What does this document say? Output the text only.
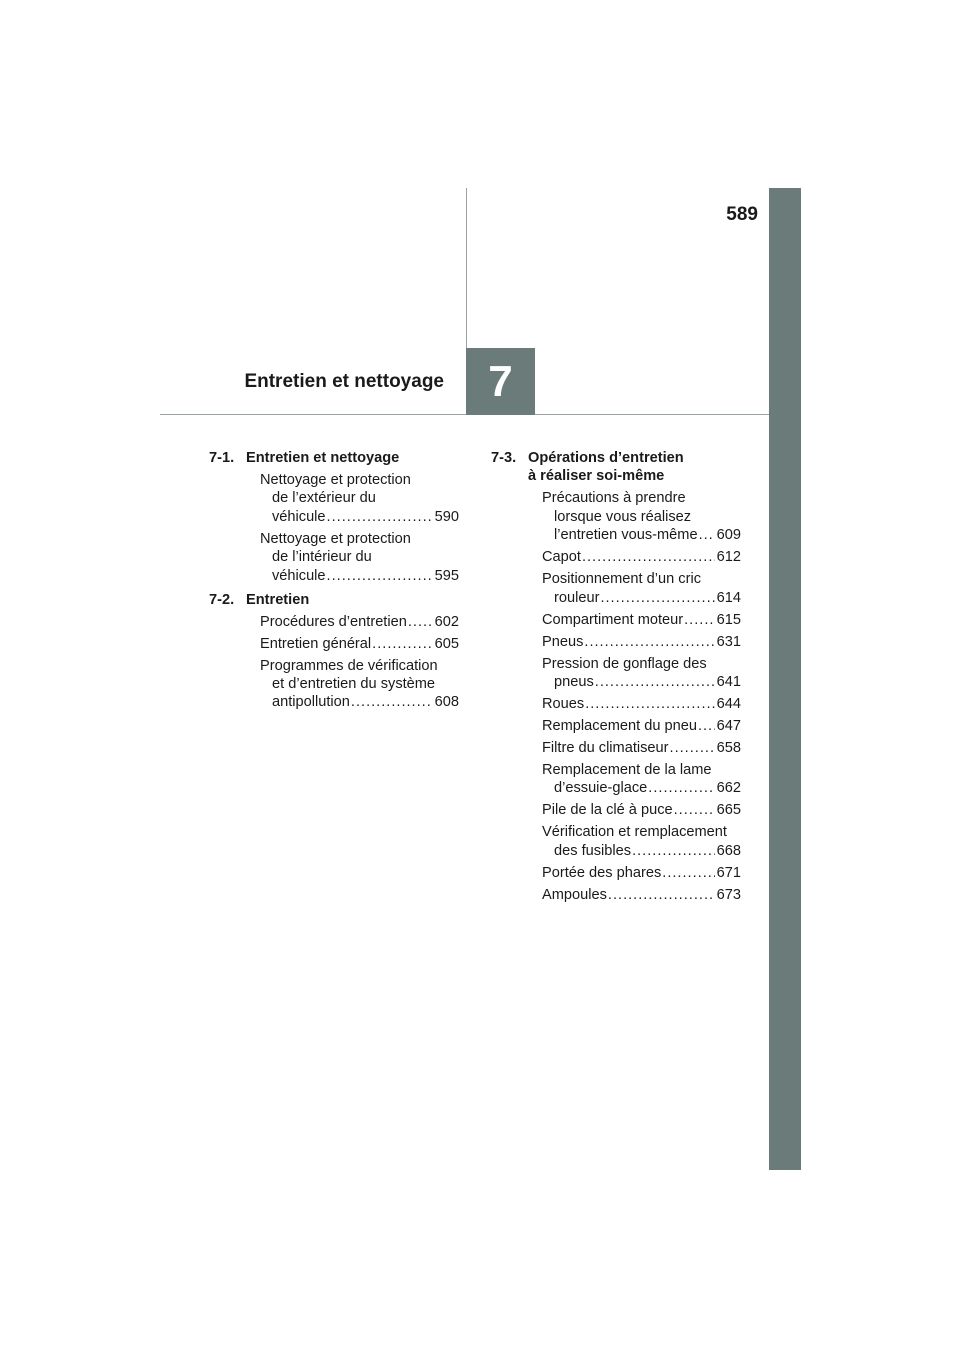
589
Entretien et nettoyage 7
7-1. Entretien et nettoyage
Nettoyage et protection
de l’extérieur du
véhicule .....	590
Nettoyage et protection
de l’intérieur du
véhicule .....	595
7-2. Entretien
Procédures d’entretien ..... 602
Entretien général .....	605
Programmes de vérification
et d’entretien du système
antipollution .....	608
7-3. Opérations d’entretien
à réaliser soi-même
Précautions à prendre
lorsque vous réalisez
l’entretien vous-même ..... 609
Capot .....	612
Positionnement d’un cric
rouleur .....	614
Compartiment moteur ..... 615
Pneus .....	631
Pression de gonflage des
pneus .....	641
Roues .....	644
Remplacement du pneu ..... 647
Filtre du climatiseur .....	658
Remplacement de la lame
d’essuie-glace .....	662
Pile de la clé à puce .....	665
Vérification et remplacement
des fusibles .....	668
Portée des phares .....	671
Ampoules .....	673
